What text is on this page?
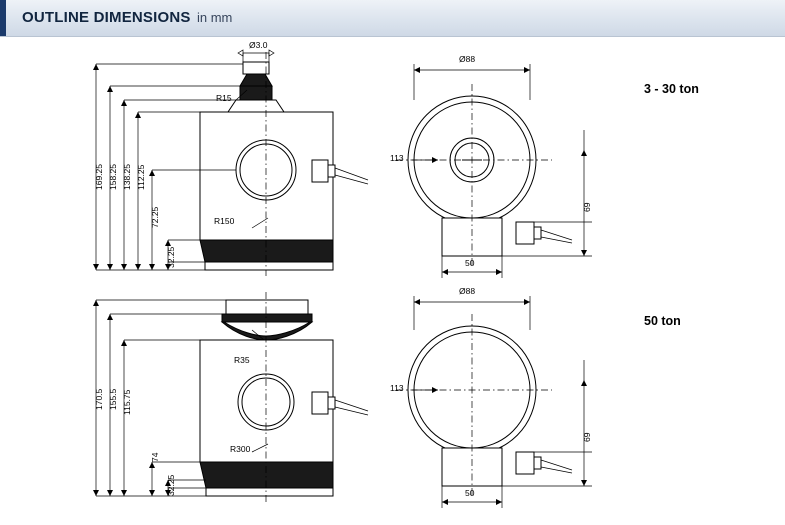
OUTLINE DIMENSIONS in mm
Ø3.0
R15
R150
169.25 158.25 138.25 112.25
72.25
32.25
Ø88
113
69
50
R35
R300
170.5 155.5 115.75
74
32.25
Ø88
113
69
50
3 - 30 ton
50 ton
